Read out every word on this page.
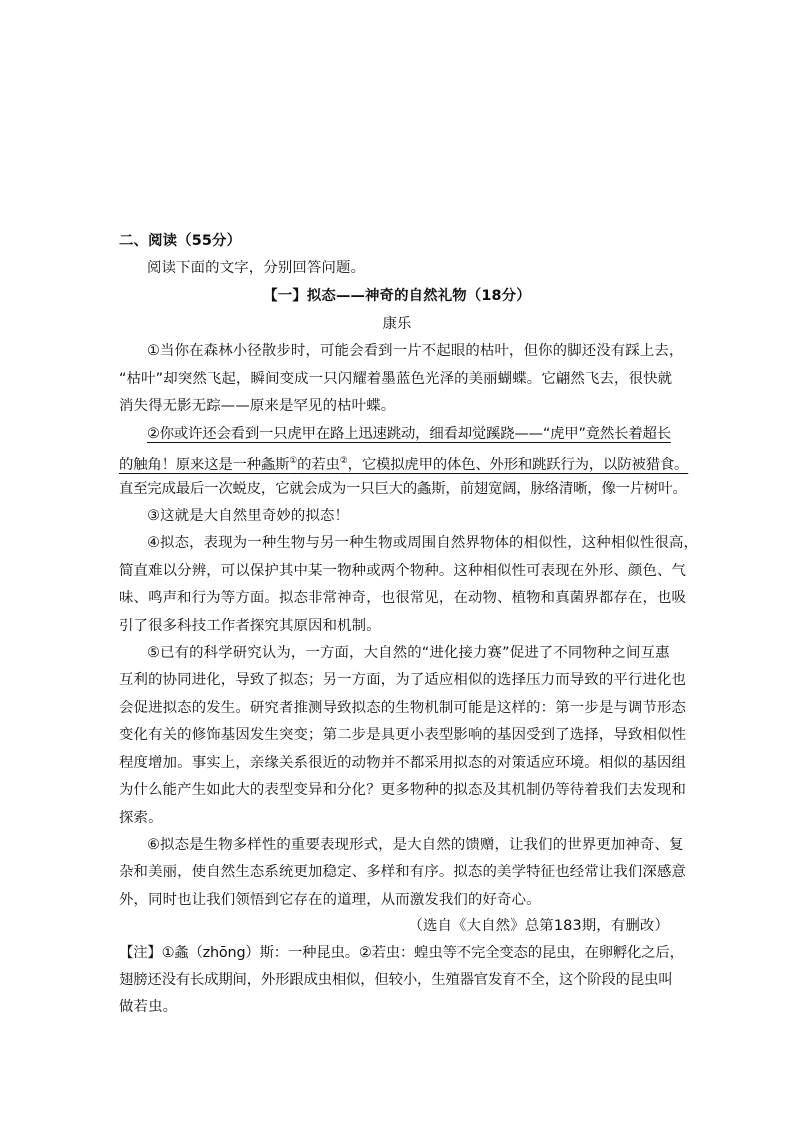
二、阅读（55分）
阅读下面的文字，分别回答问题。
【一】拟态——神奇的自然礼物（18分）
康乐
①当你在森林小径散步时，可能会看到一片不起眼的枯叶，但你的脚还没有踩上去，
“枯叶”却突然飞起，瞬间变成一只闪耀着墨蓝色光泽的美丽蝴蝶。它翩然飞去，很快就
消失得无影无踪——原来是罕见的枯叶蝶。
②你或许还会看到一只虎甲在路上迅速跳动，细看却觉蹊跷——“虎甲”竟然长着超长
的触角！原来这是一种螽斯①的若虫②，它模拟虎甲的体色、外形和跳跃行为，以防被猎食。
直至完成最后一次蜕皮，它就会成为一只巨大的螽斯，前翅宽阔，脉络清晰，像一片树叶。
③这就是大自然里奇妙的拟态！
④拟态，表现为一种生物与另一种生物或周围自然界物体的相似性，这种相似性很高，
简直难以分辨，可以保护其中某一物种或两个物种。这种相似性可表现在外形、颜色、气
味、鸣声和行为等方面。拟态非常神奇，也很常见，在动物、植物和真菌界都存在，也吸
引了很多科技工作者探究其原因和机制。
⑤已有的科学研究认为，一方面，大自然的“进化接力赛”促进了不同物种之间互惠
互利的协同进化，导致了拟态；另一方面，为了适应相似的选择压力而导致的平行进化也
会促进拟态的发生。研究者推测导致拟态的生物机制可能是这样的：第一步是与调节形态
变化有关的修饰基因发生突变；第二步是具更小表型影响的基因受到了选择，导致相似性
程度增加。事实上，亲缘关系很近的动物并不都采用拟态的对策适应环境。相似的基因组
为什么能产生如此大的表型变异和分化？更多物种的拟态及其机制仍等待着我们去发现和
探索。
⑥拟态是生物多样性的重要表现形式，是大自然的馈赠，让我们的世界更加神奇、复
杂和美丽，使自然生态系统更加稳定、多样和有序。拟态的美学特征也经常让我们深感意
外，同时也让我们领悟到它存在的道理，从而激发我们的好奇心。
（选自《大自然》总第183期，有删改）
【注】①螽（zhōng）斯：一种昆虫。②若虫：蝗虫等不完全变态的昆虫，在卵孵化之后，
翅膀还没有长成期间，外形跟成虫相似，但较小，生殖器官发育不全，这个阶段的昆虫叫
做若虫。
